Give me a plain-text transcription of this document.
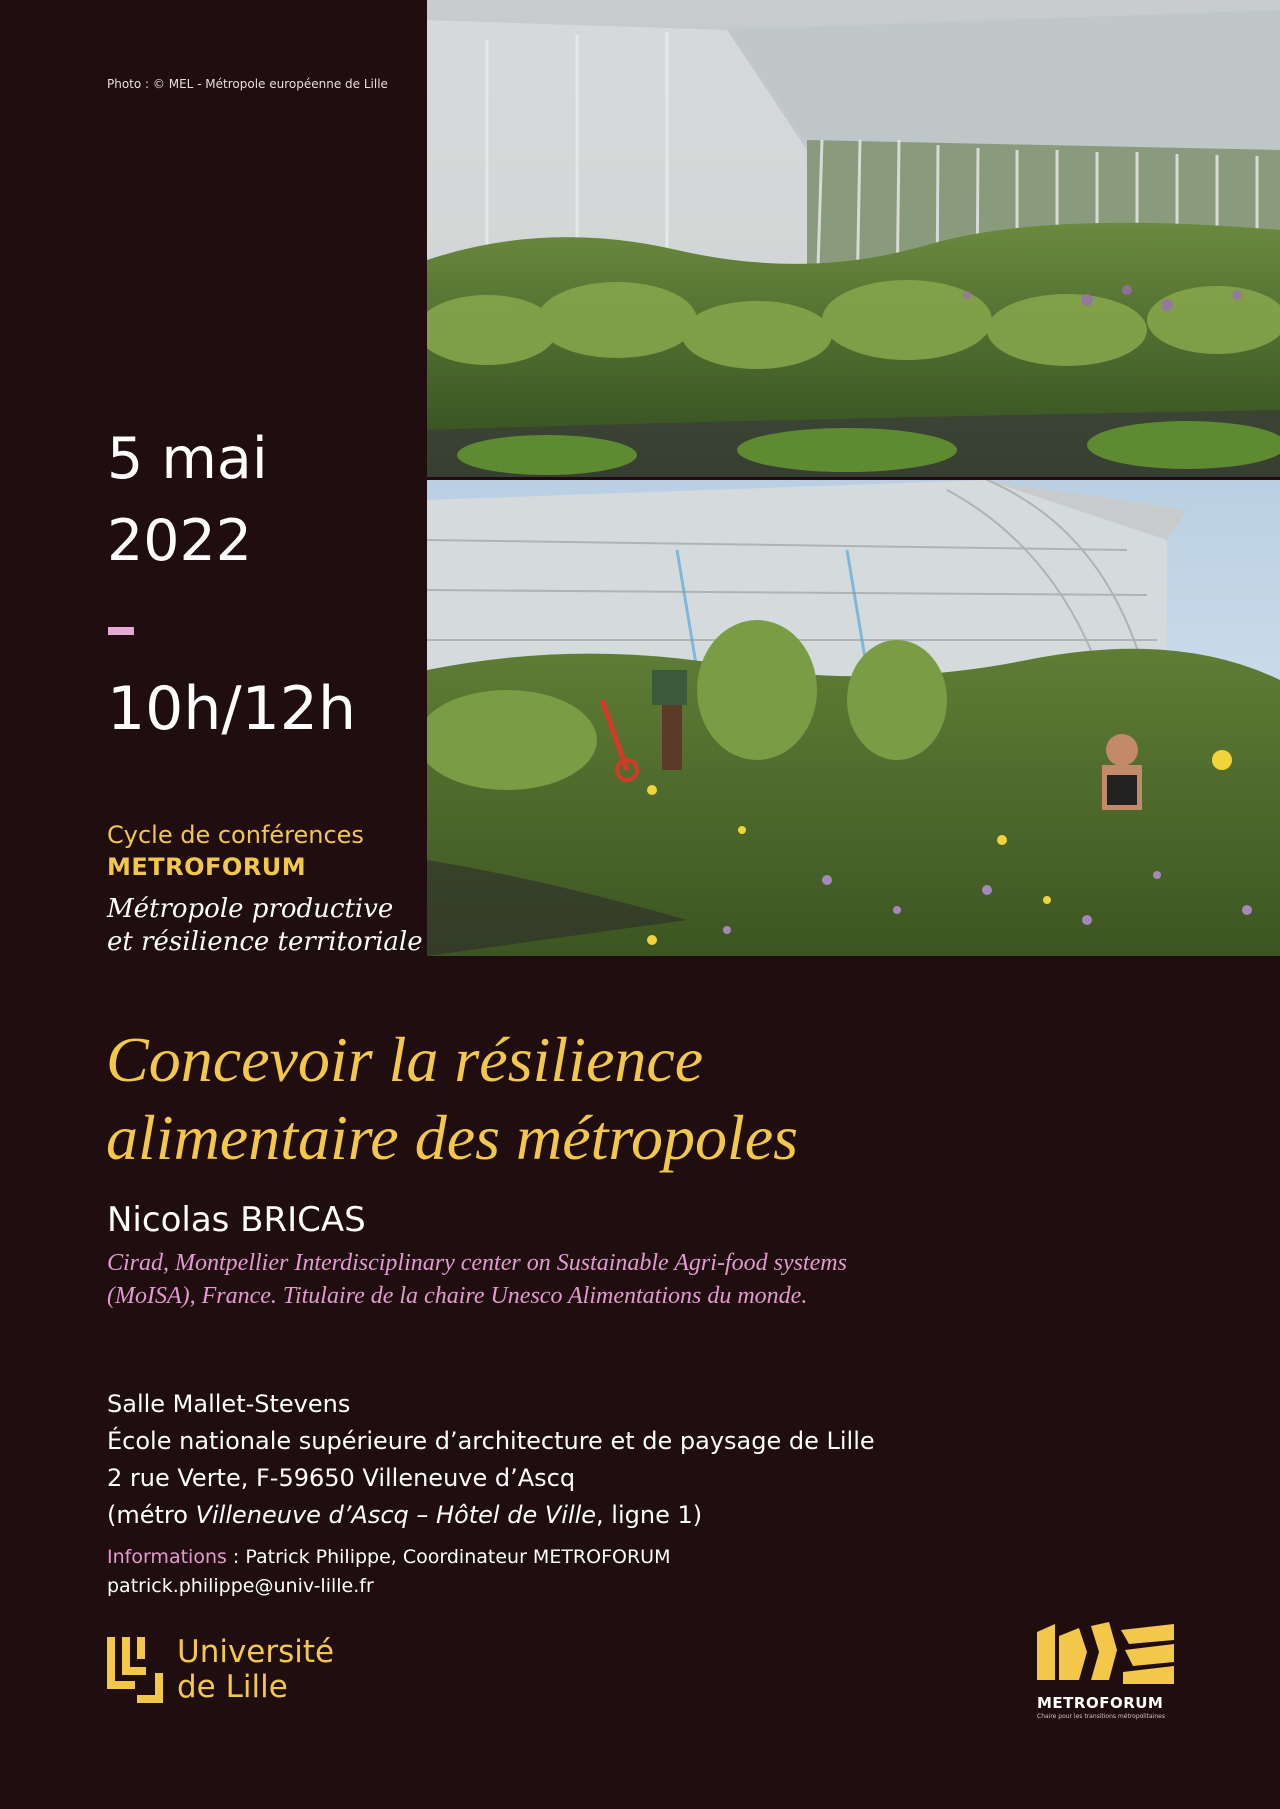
Photo : © MEL - Métropole européenne de Lille
5 mai
2022
10h/12h
Cycle de conférences
METROFORUM
Métropole productive
et résilience territoriale
Concevoir la résilience
alimentaire des métropoles
Nicolas BRICAS
Cirad, Montpellier Interdisciplinary center on Sustainable Agri-food systems
(MoISA), France. Titulaire de la chaire Unesco Alimentations du monde.
Salle Mallet-Stevens
École nationale supérieure d’architecture et de paysage de Lille
2 rue Verte, F-59650 Villeneuve d’Ascq
(métro Villeneuve d’Ascq – Hôtel de Ville, ligne 1)
Informations : Patrick Philippe, Coordinateur METROFORUM
patrick.philippe@univ-lille.fr
Université
de Lille	METROFORUM
Chaire pour les transitions métropolitaines
